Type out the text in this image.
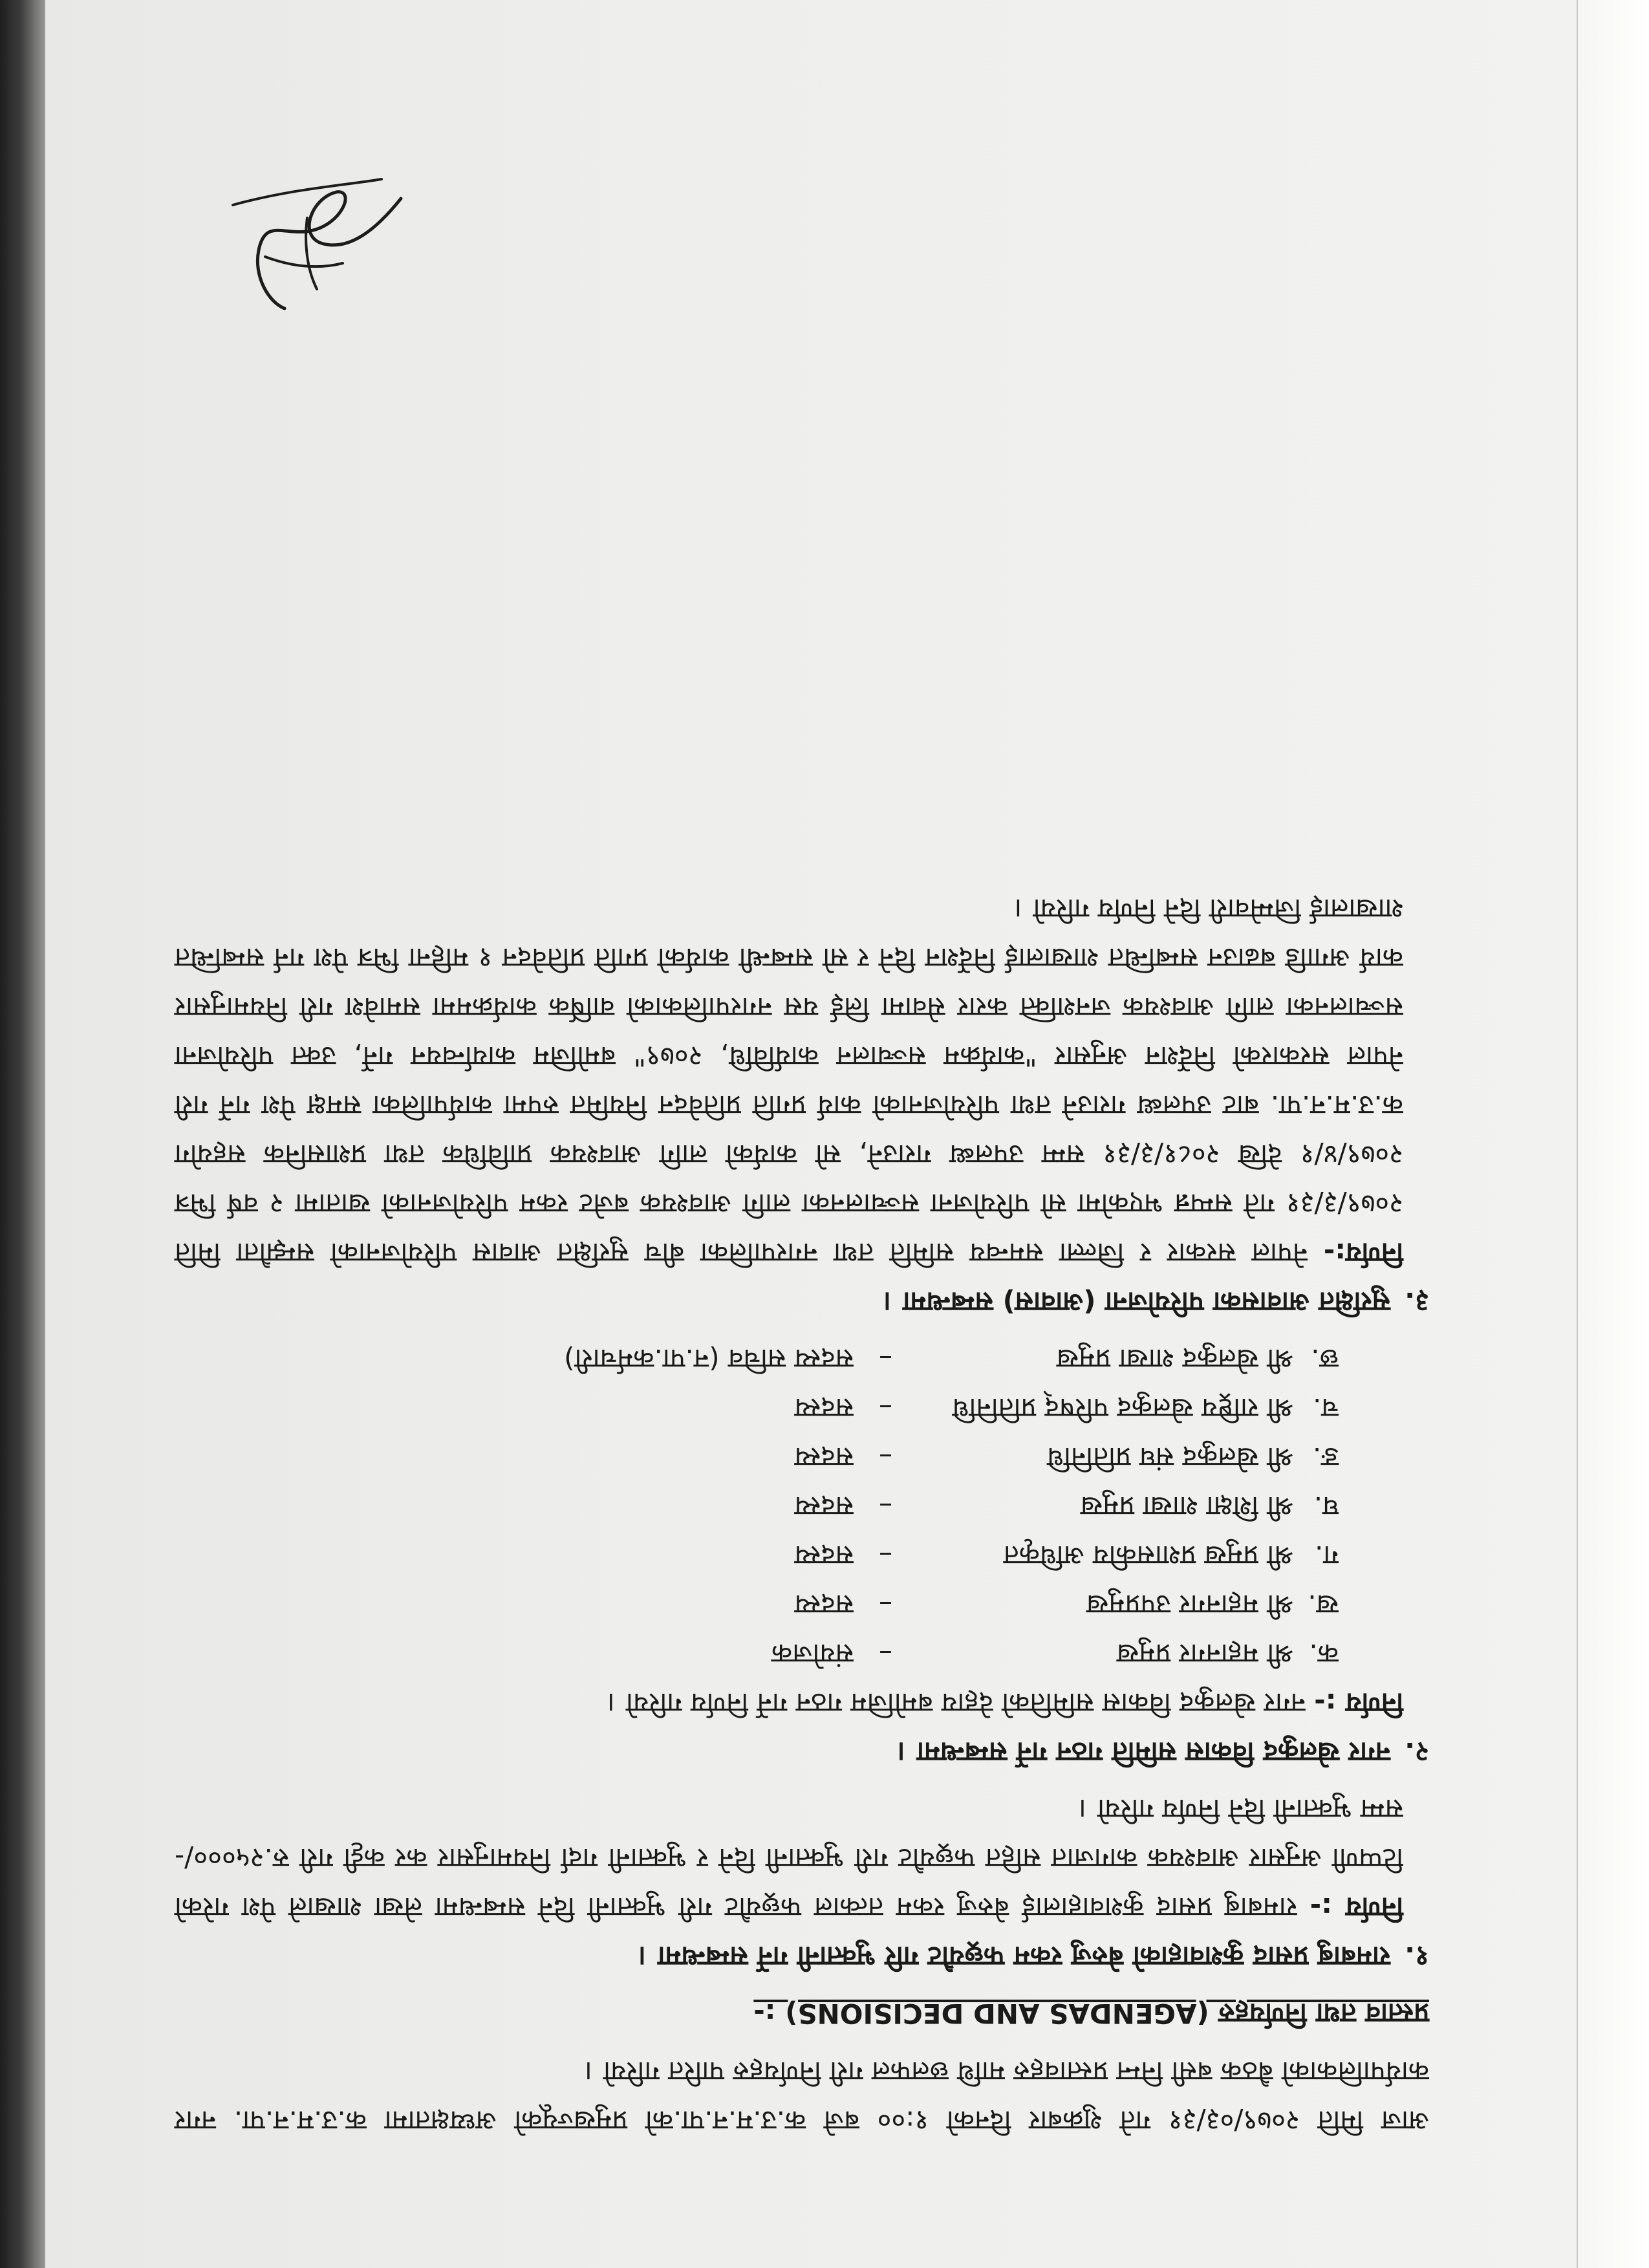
आज मिति २०७९/०३/३१ गते शुक्रबार दिनको १:०० बजे क.उ.म.न.पा.को प्रमुखज्यूको अध्यक्षतामा क.उ.म.न.पा. नगर कार्यपालिकाको बैठक बसी निम्न प्रस्तावहरु माथि छलफल गरी निर्णयहरु पारित गरियो ।

प्रस्ताव तथा निर्णयहरु (AGENDAS AND DECISIONS) :-

१.रामबाबु प्रसाद कुशवाहाको बेरुजु रकम फछ्र्यौट गरि भुक्तानी गर्ने सम्बन्धमा ।

निर्णय :- रामबाबु प्रसाद कुशवाहालाई बेरुजु रकम तत्काल फछ्र्यौट गरी भुक्तानी दिने सम्बन्धमा लेखा शाखाले पेश गरेको टिप्पणी अनुसार आवश्यक कागजात सहित फछ्र्यौट गरी भुक्तानी दिने र भुक्तानी गर्दा नियमानुसार कर कट्टी गरी रु.२५०००/- सम्म भुक्तानी दिने निर्णय गरियो ।

२.नगर खेलकुद विकास समिति गठन गर्ने सम्बन्धमा ।

निर्णय :- नगर खेलकुद विकास समितिको देहाय बमोजिम गठन गर्ने निर्णय गरियो ।

क.
श्री महानगर प्रमुख
–
संयोजक
ख.
श्री महानगर उपप्रमुख
–
सदस्य
ग.
श्री प्रमुख प्रशासकीय अधिकृत
–
सदस्य
घ.
श्री शिक्षा शाखा प्रमुख
–
सदस्य
ङ.
श्री खेलकुद संघ प्रतिनिधि
–
सदस्य
च.
श्री राष्ट्रिय खेलकुद परिषद् प्रतिनिधि
–
सदस्य
छ.
श्री खेलकुद शाखा प्रमुख
–
सदस्य सचिव (न.पा.कर्मचारी)

३.सुरक्षित आवासका परियोजना (आवास) सम्बन्धमा ।

निर्णय:- नेपाल सरकार र जिल्ला समन्वय समिति तथा नगरपालिका बीच सुरक्षित आवास परियोजनाको सम्झौता मिति २०७९/३/३१ गते सम्पन्न भएकोमा सो परियोजना सञ्चालनका लागि आवश्यक बजेट रकम परियोजनाको खातामा २ वर्ष भित्र २०७९/४/१ देखि २०८१/३/३१ सम्म उपलब्ध गराउने, सो कार्यको लागि आवश्यक प्राविधिक तथा प्रशासनिक सहयोग क.उ.म.न.पा. बाट उपलब्ध गराउने तथा परियोजनाको कार्य प्रगति प्रतिवेदन नियमित रुपमा कार्यपालिका समक्ष पेश गर्ने गरी नेपाल सरकारको निर्देशन अनुसार "कार्यक्रम सञ्चालन कार्यविधि, २०७९" बमोजिम कार्यान्वयन गर्ने, उक्त परियोजना सञ्चालनका लागि आवश्यक जनशक्ति करार सेवामा लिई यस नगरपालिकाको वार्षिक कार्यक्रममा समावेश गरी नियमानुसार कार्य अगाडि बढाउन सम्बन्धित शाखालाई निर्देशन दिने र सो सम्बन्धी कार्यको प्रगति प्रतिवेदन १ महिना भित्र पेश गर्न सम्बन्धित शाखालाई जिम्मेवारी दिने निर्णय गरियो ।
